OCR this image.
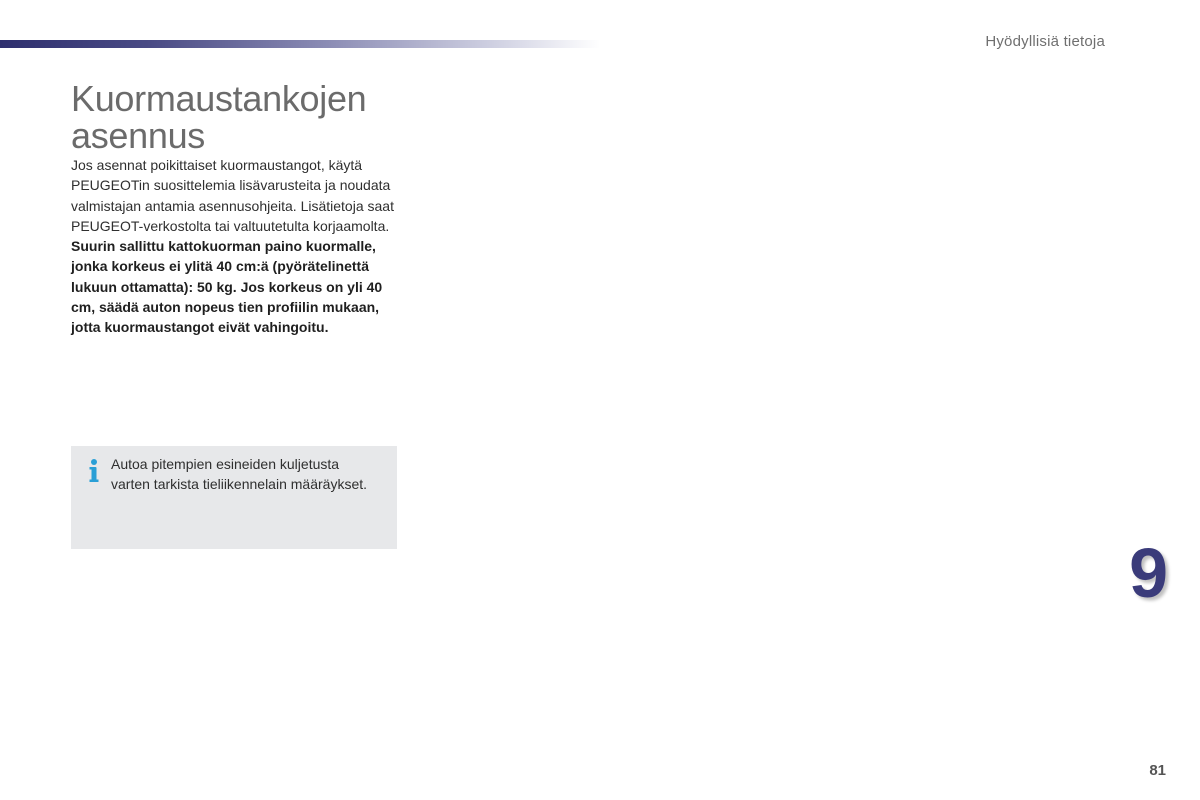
Hyödyllisiä tietoja
Kuormaustankojen
asennus

Jos asennat poikittaiset kuormaustangot, käytä PEUGEOTin suosittelemia lisävarusteita ja noudata valmistajan antamia asennusohjeita. Lisätietoja saat PEUGEOT-verkostolta tai valtuutetulta korjaamolta.

Suurin sallittu kattokuorman paino kuormalle, jonka korkeus ei ylitä 40 cm:ä (pyörätelinettä lukuun ottamatta): 50 kg. Jos korkeus on yli 40 cm, säädä auton nopeus tien profiilin mukaan, jotta kuormaustangot eivät vahingoitu.

Autoa pitempien esineiden kuljetusta varten tarkista tieliikennelain määräykset.
9
81
